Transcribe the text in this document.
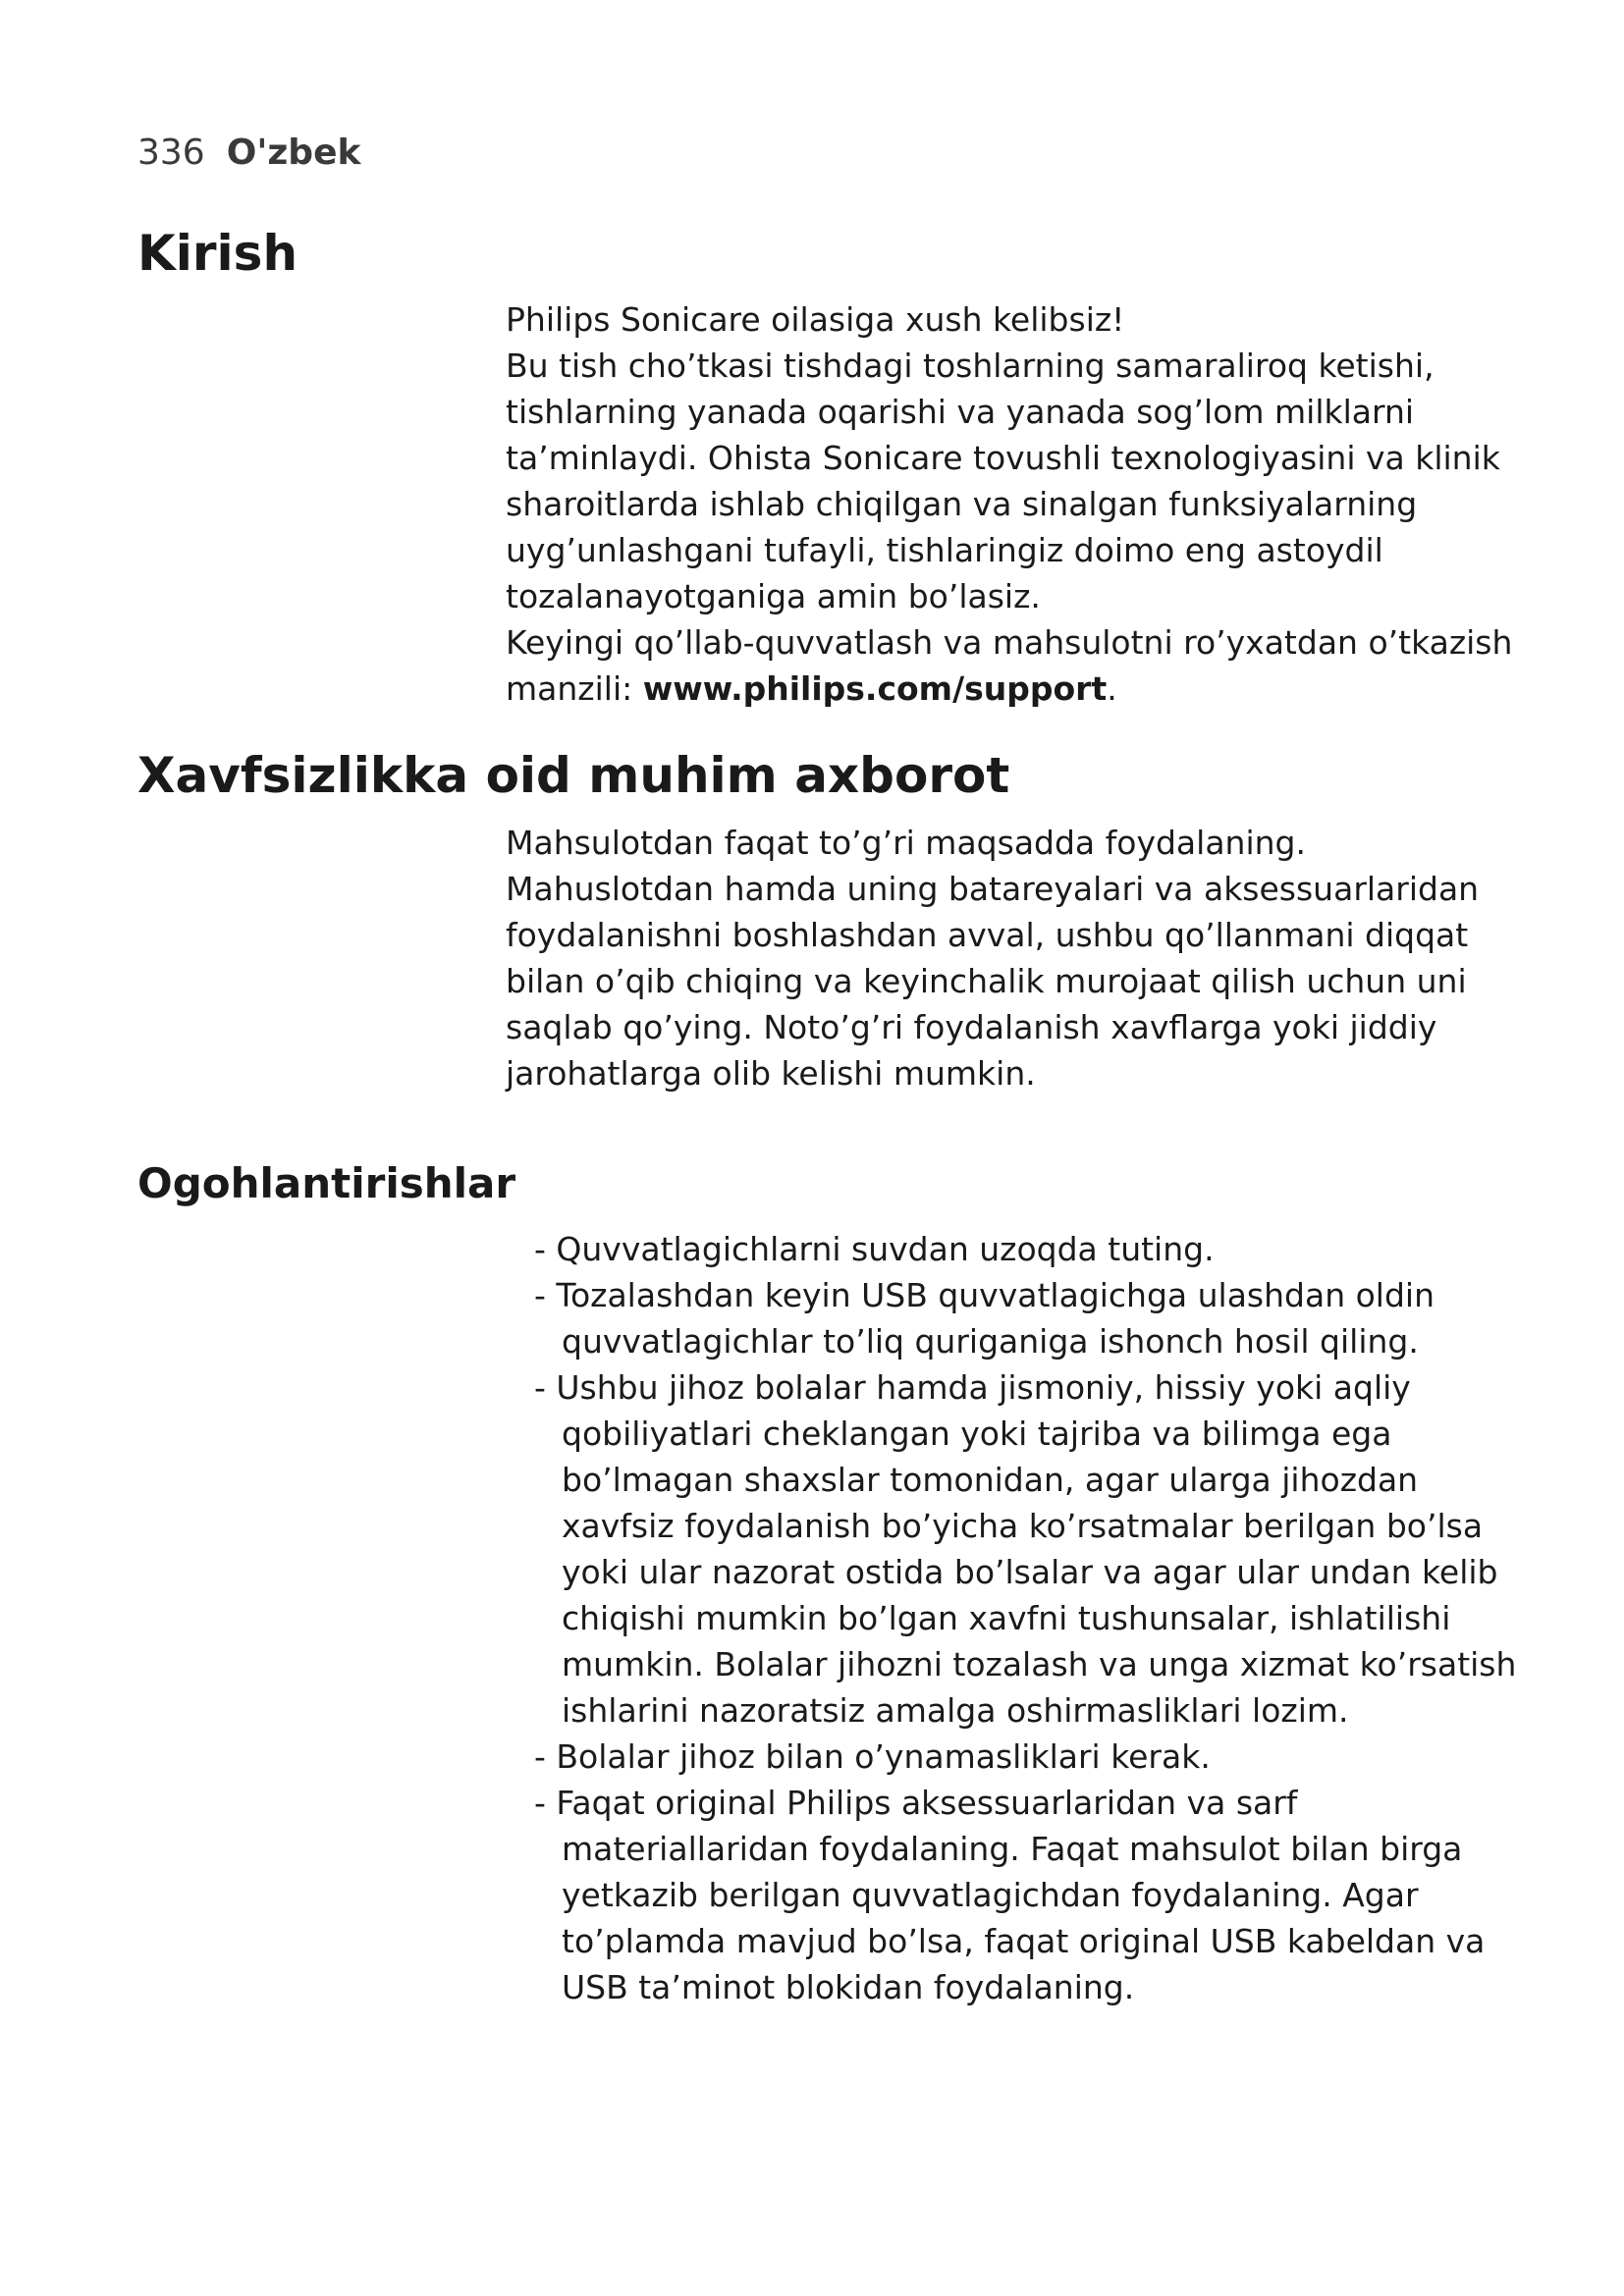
336 O'zbek
Kirish

Philips Sonicare oilasiga xush kelibsiz!

Bu tish cho’tkasi tishdagi toshlarning samaraliroq ketishi, tishlarning yanada oqarishi va yanada sog’lom milklarni ta’minlaydi. Ohista Sonicare tovushli texnologiyasini va klinik sharoitlarda ishlab chiqilgan va sinalgan funksiyalarning uyg’unlashgani tufayli, tishlaringiz doimo eng astoydil tozalanayotganiga amin bo’lasiz.

Keyingi qo’llab-quvvatlash va mahsulotni ro’yxatdan o’tkazish manzili: www.philips.com/support.

Xavfsizlikka oid muhim axborot

Mahsulotdan faqat to’g’ri maqsadda foydalaning. Mahuslotdan hamda uning batareyalari va aksessuarlaridan foydalanishni boshlashdan avval, ushbu qo’llanmani diqqat bilan o’qib chiqing va keyinchalik murojaat qilish uchun uni saqlab qo’ying. Noto’g’ri foydalanish xavflarga yoki jiddiy jarohatlarga olib kelishi mumkin.

Ogohlantirishlar
- Quvvatlagichlarni suvdan uzoqda tuting.
- Tozalashdan keyin USB quvvatlagichga ulashdan oldin quvvatlagichlar to’liq quriganiga ishonch hosil qiling.
- Ushbu jihoz bolalar hamda jismoniy, hissiy yoki aqliy qobiliyatlari cheklangan yoki tajriba va bilimga ega bo’lmagan shaxslar tomonidan, agar ularga jihozdan xavfsiz foydalanish bo’yicha ko’rsatmalar berilgan bo’lsa yoki ular nazorat ostida bo’lsalar va agar ular undan kelib chiqishi mumkin bo’lgan xavfni tushunsalar, ishlatilishi mumkin. Bolalar jihozni tozalash va unga xizmat ko’rsatish ishlarini nazoratsiz amalga oshirmasliklari lozim.
- Bolalar jihoz bilan o’ynamasliklari kerak.
- Faqat original Philips aksessuarlaridan va sarf materiallaridan foydalaning. Faqat mahsulot bilan birga yetkazib berilgan quvvatlagichdan foydalaning. Agar to’plamda mavjud bo’lsa, faqat original USB kabeldan va USB ta’minot blokidan foydalaning.
